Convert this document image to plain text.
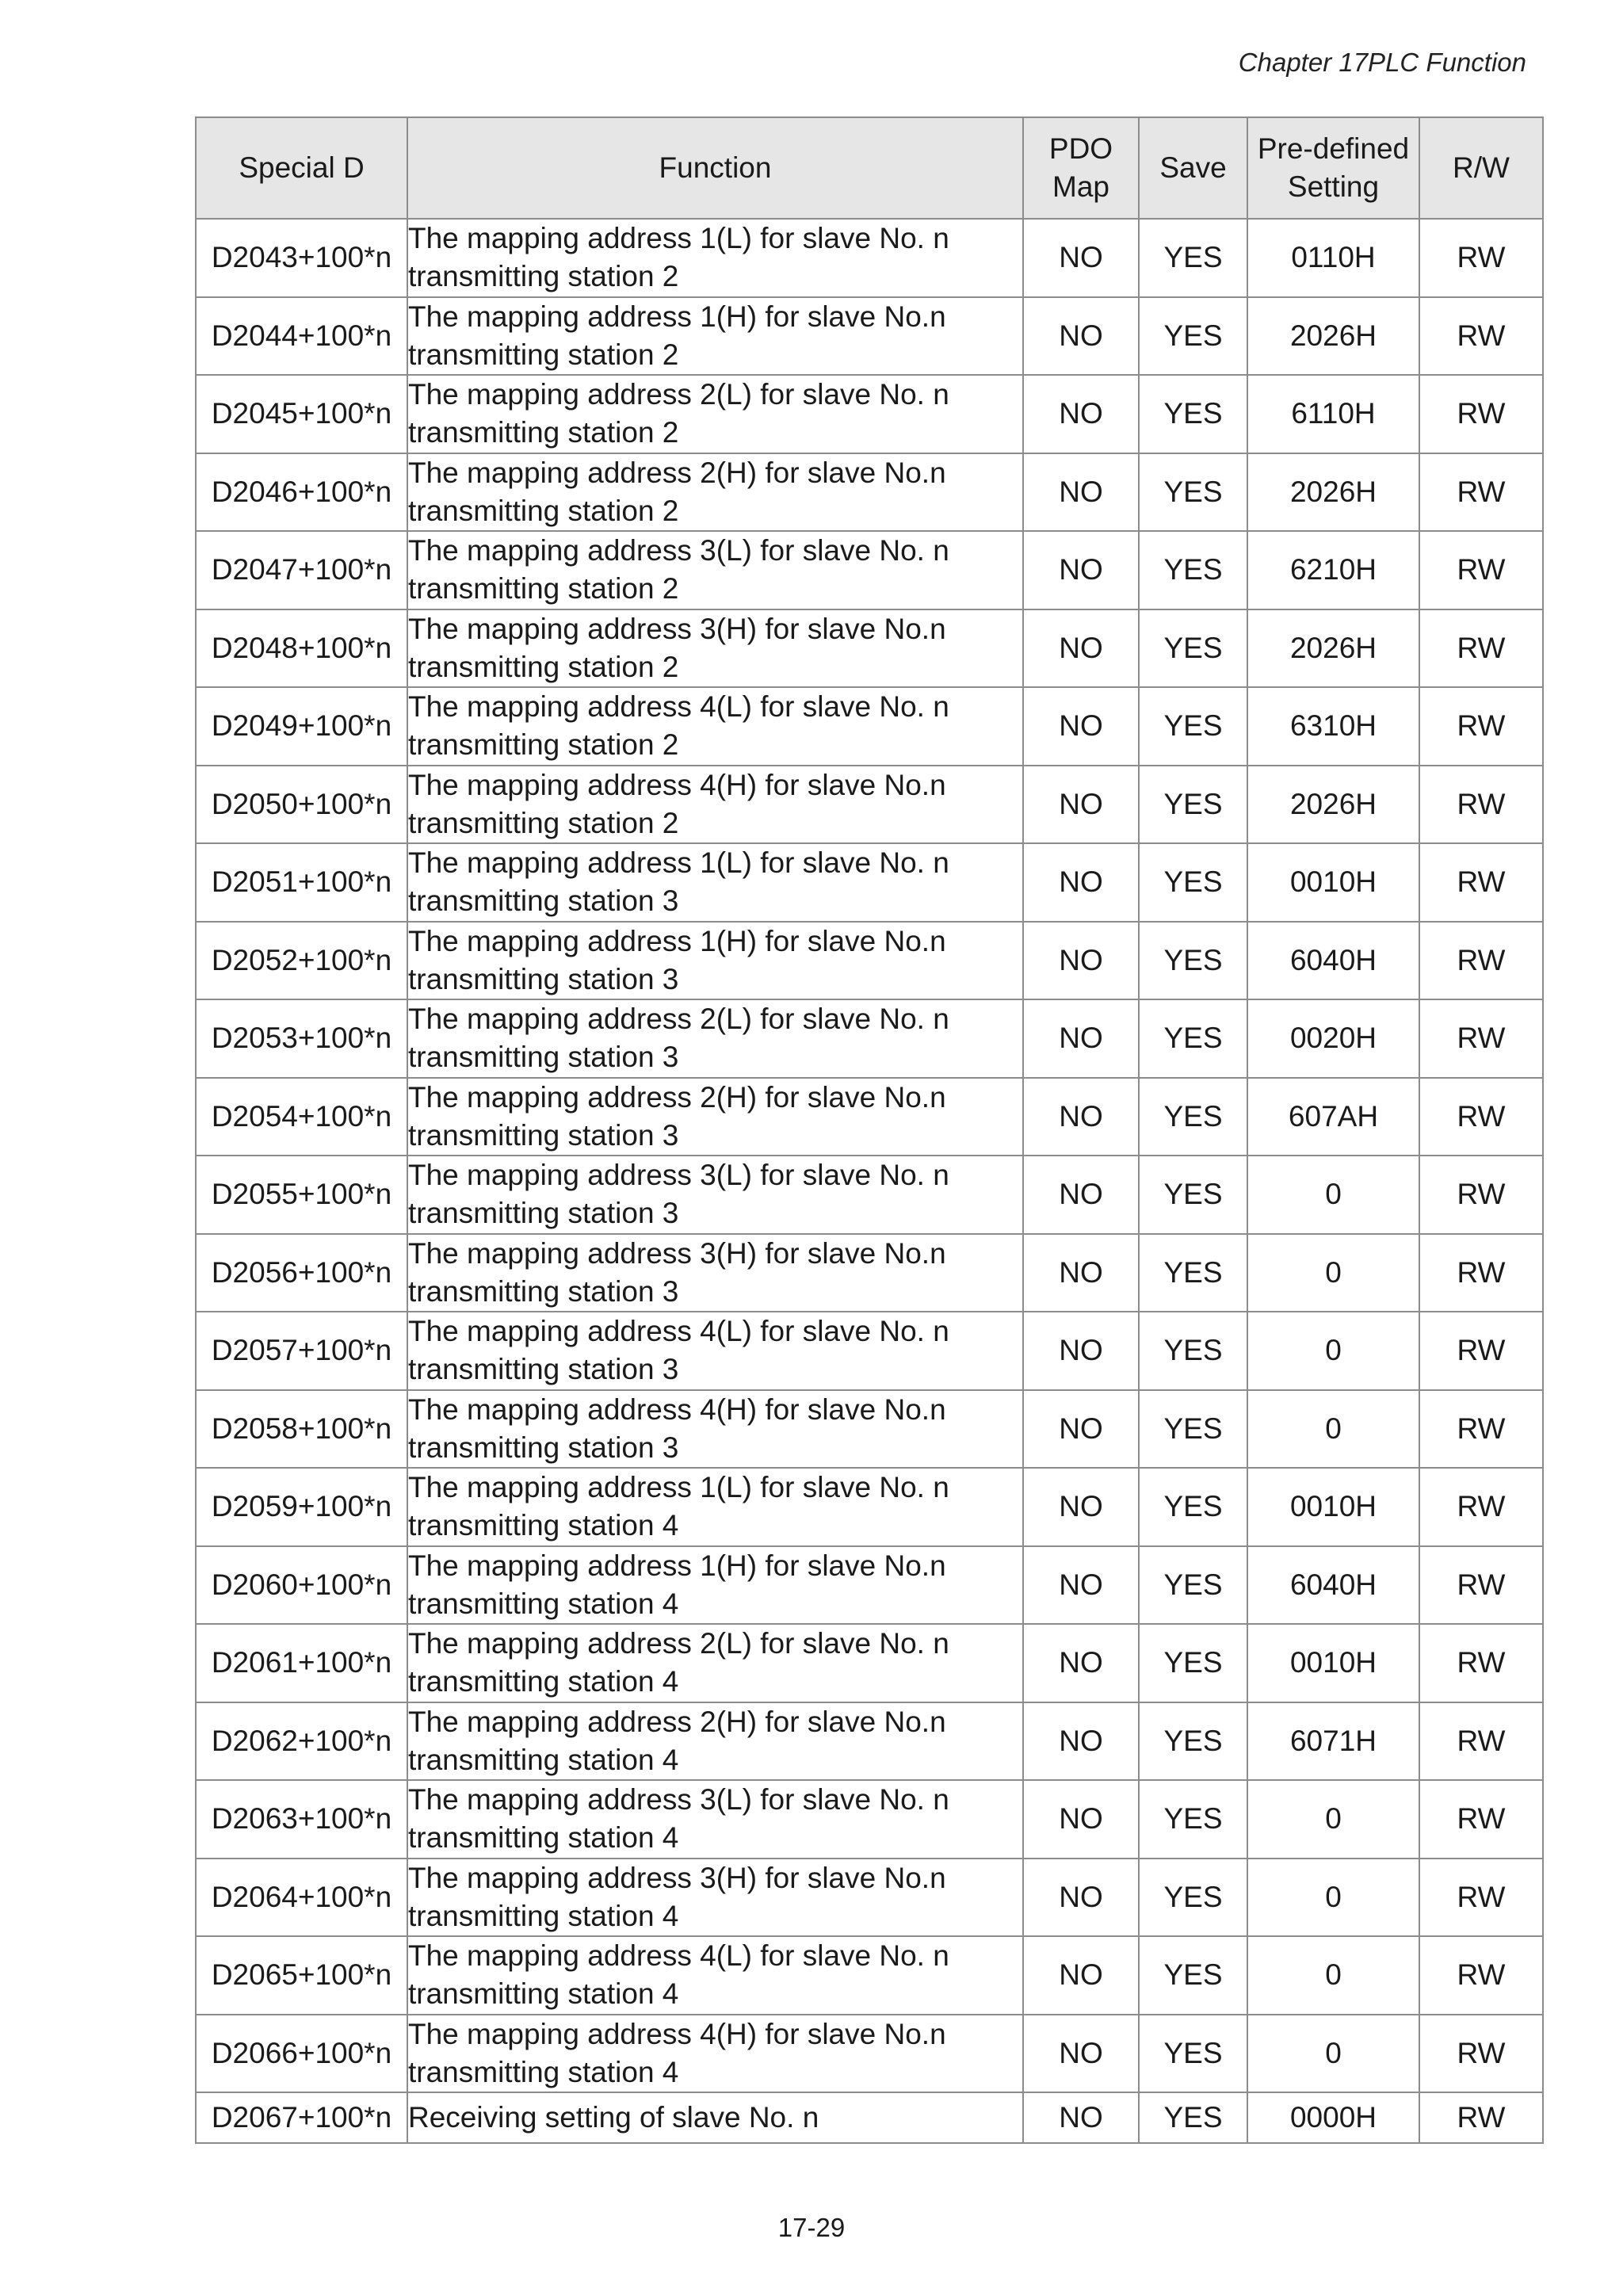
Chapter 17PLC Function
Special D	Function	PDO Map	Save	Pre-defined Setting	R/W
D2043+100*n	The mapping address 1(L) for slave No. n transmitting station 2	NO	YES	0110H	RW
D2044+100*n	The mapping address 1(H) for slave No.n transmitting station 2	NO	YES	2026H	RW
D2045+100*n	The mapping address 2(L) for slave No. n transmitting station 2	NO	YES	6110H	RW
D2046+100*n	The mapping address 2(H) for slave No.n transmitting station 2	NO	YES	2026H	RW
D2047+100*n	The mapping address 3(L) for slave No. n transmitting station 2	NO	YES	6210H	RW
D2048+100*n	The mapping address 3(H) for slave No.n transmitting station 2	NO	YES	2026H	RW
D2049+100*n	The mapping address 4(L) for slave No. n transmitting station 2	NO	YES	6310H	RW
D2050+100*n	The mapping address 4(H) for slave No.n transmitting station 2	NO	YES	2026H	RW
D2051+100*n	The mapping address 1(L) for slave No. n transmitting station 3	NO	YES	0010H	RW
D2052+100*n	The mapping address 1(H) for slave No.n transmitting station 3	NO	YES	6040H	RW
D2053+100*n	The mapping address 2(L) for slave No. n transmitting station 3	NO	YES	0020H	RW
D2054+100*n	The mapping address 2(H) for slave No.n transmitting station 3	NO	YES	607AH	RW
D2055+100*n	The mapping address 3(L) for slave No. n transmitting station 3	NO	YES	0	RW
D2056+100*n	The mapping address 3(H) for slave No.n transmitting station 3	NO	YES	0	RW
D2057+100*n	The mapping address 4(L) for slave No. n transmitting station 3	NO	YES	0	RW
D2058+100*n	The mapping address 4(H) for slave No.n transmitting station 3	NO	YES	0	RW
D2059+100*n	The mapping address 1(L) for slave No. n transmitting station 4	NO	YES	0010H	RW
D2060+100*n	The mapping address 1(H) for slave No.n transmitting station 4	NO	YES	6040H	RW
D2061+100*n	The mapping address 2(L) for slave No. n transmitting station 4	NO	YES	0010H	RW
D2062+100*n	The mapping address 2(H) for slave No.n transmitting station 4	NO	YES	6071H	RW
D2063+100*n	The mapping address 3(L) for slave No. n transmitting station 4	NO	YES	0	RW
D2064+100*n	The mapping address 3(H) for slave No.n transmitting station 4	NO	YES	0	RW
D2065+100*n	The mapping address 4(L) for slave No. n transmitting station 4	NO	YES	0	RW
D2066+100*n	The mapping address 4(H) for slave No.n transmitting station 4	NO	YES	0	RW
D2067+100*n	Receiving setting of slave No. n	NO	YES	0000H	RW
17-29
